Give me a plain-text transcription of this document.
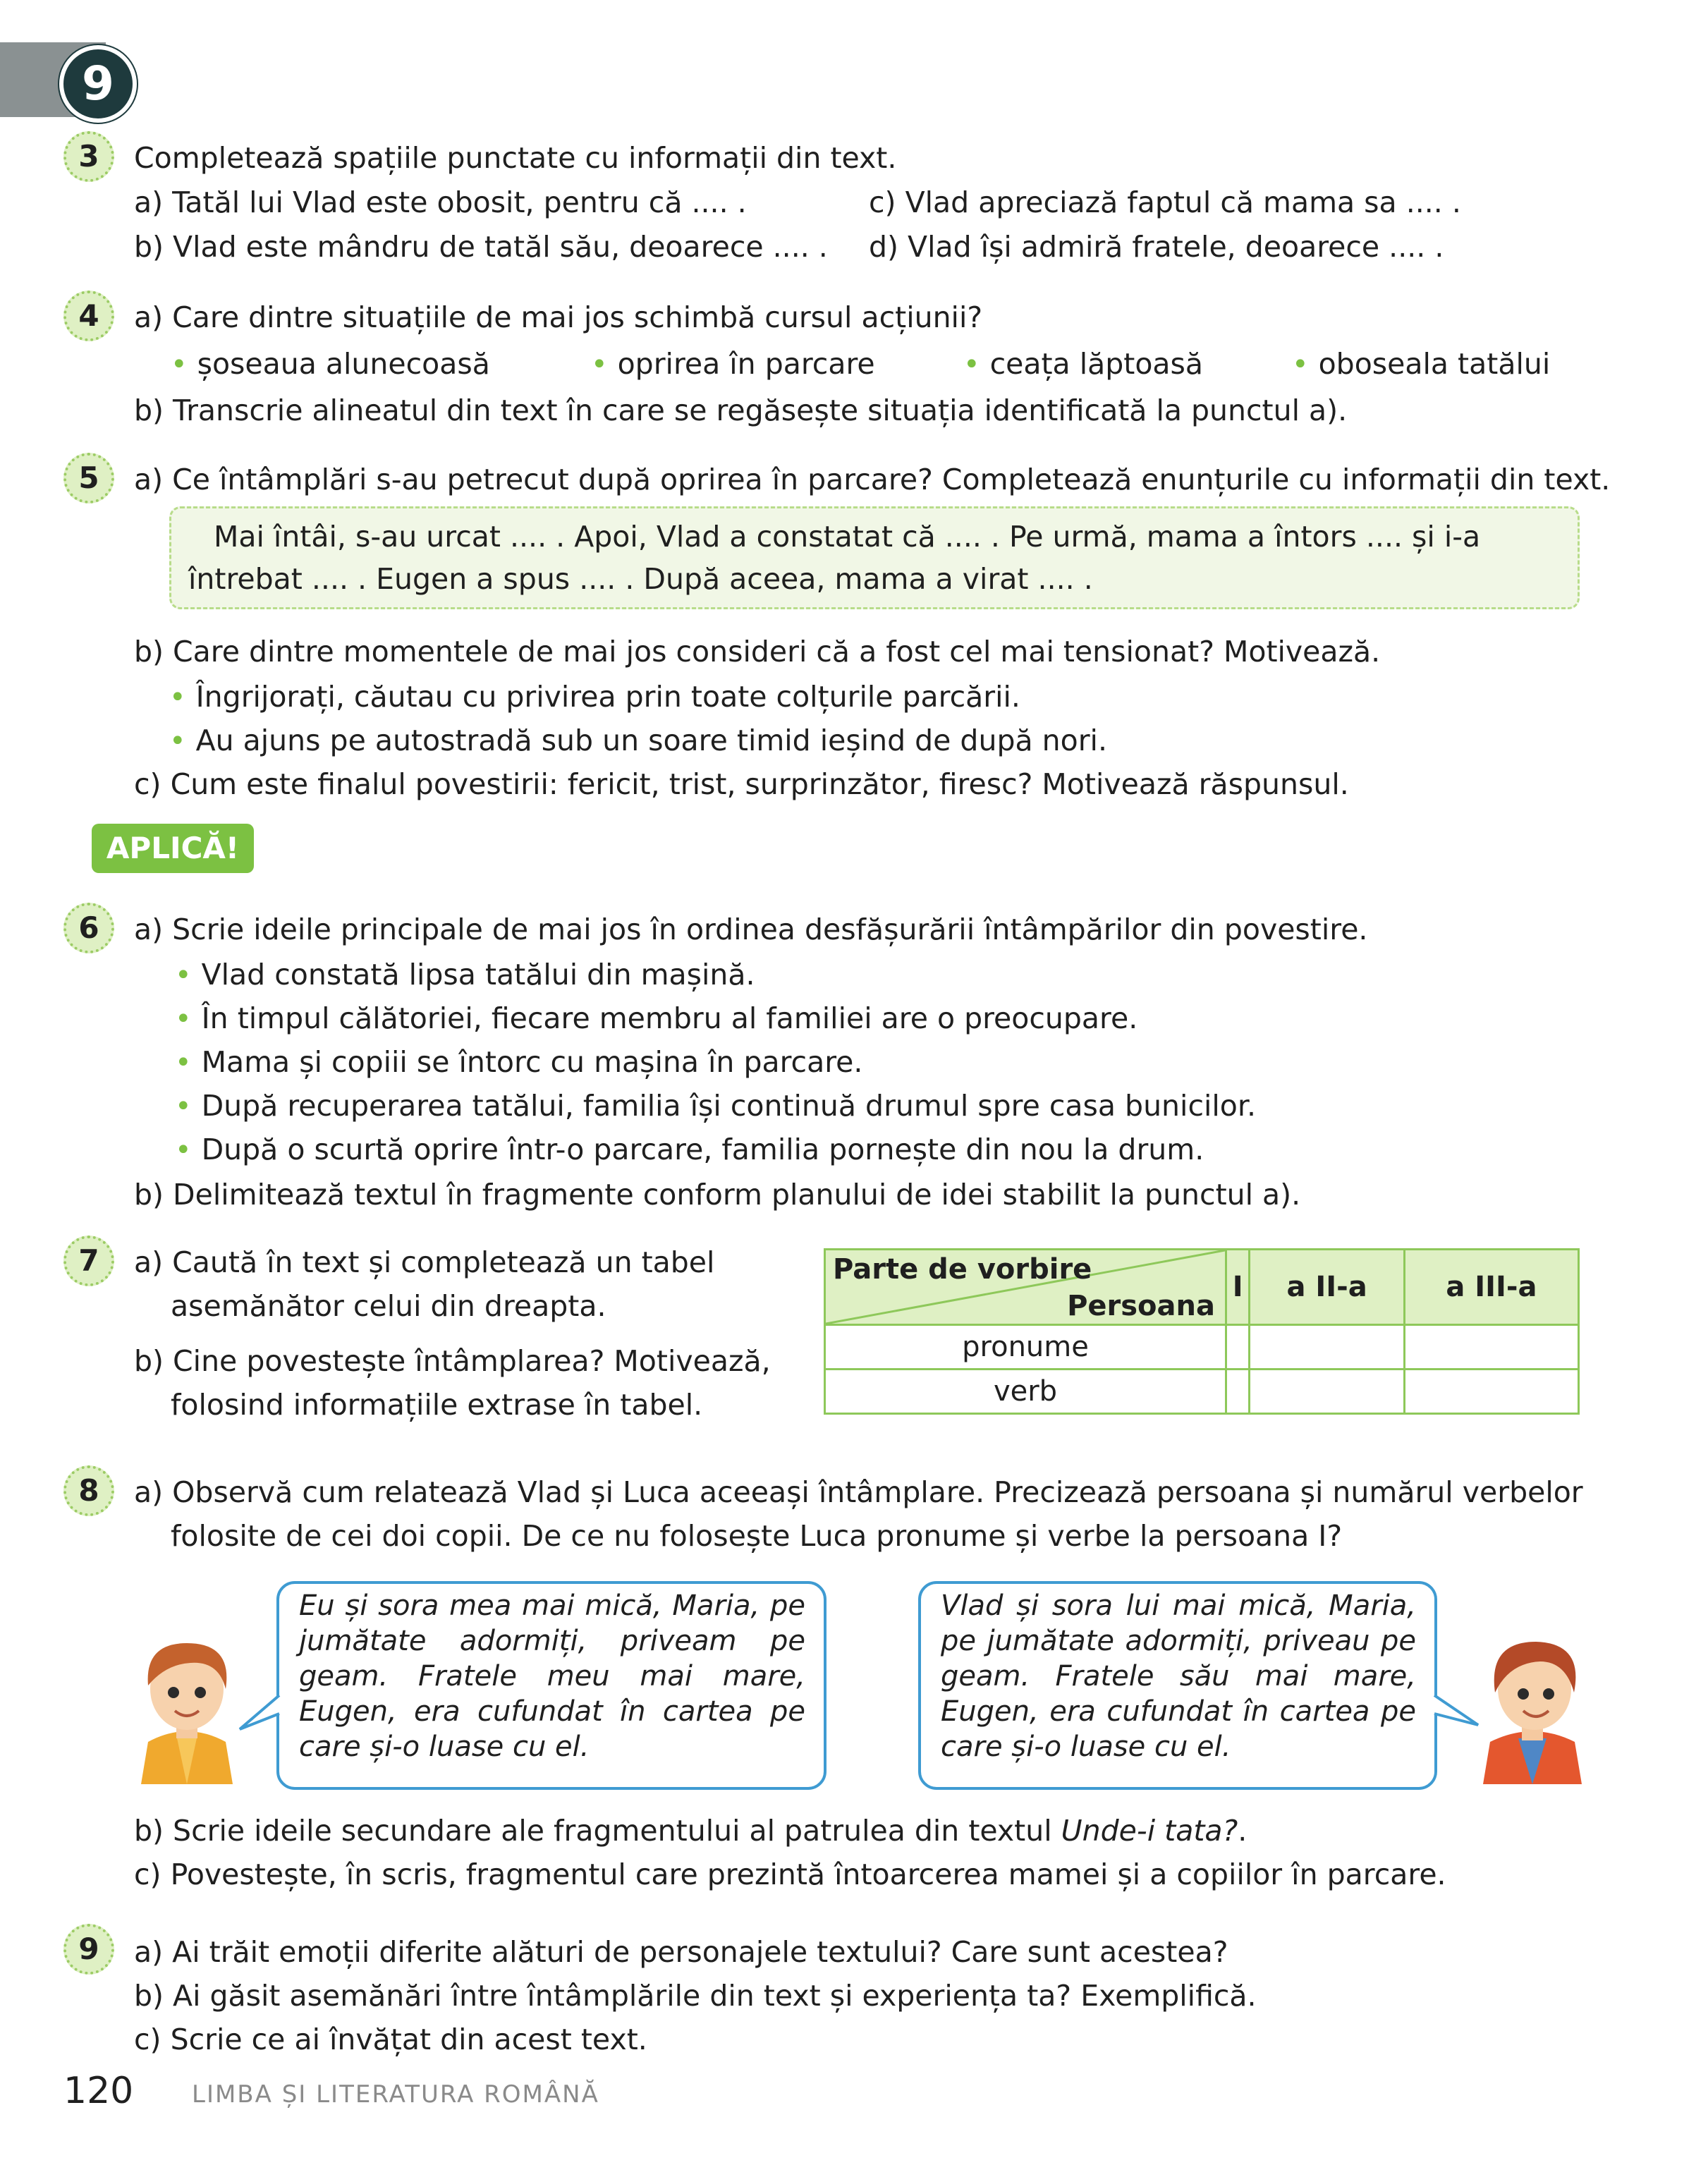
9
3	Completează spațiile punctate cu informații din text.
a) Tatăl lui Vlad este obosit, pentru că .... .	c) Vlad apreciază faptul că mama sa .... .
b) Vlad este mândru de tatăl său, deoarece .... . d) Vlad își admiră fratele, deoarece .... .
4	a) Care dintre situațiile de mai jos schimbă cursul acțiunii?
• șoseaua alunecoasă	• oprirea în parcare	• ceața lăptoasă	• oboseala tatălui
b) Transcrie alineatul din text în care se regăsește situația identificată la punctul a).
5	a) Ce întâmplări s-au petrecut după oprirea în parcare? Completează enunțurile cu informații din text.
Mai întâi, s-au urcat .... . Apoi, Vlad a constatat că .... . Pe urmă, mama a întors .... și i-a
întrebat .... . Eugen a spus .... . După aceea, mama a virat .... .
b) Care dintre momentele de mai jos consideri că a fost cel mai tensionat? Motivează.
• Îngrijorați, căutau cu privirea prin toate colțurile parcării.
• Au ajuns pe autostradă sub un soare timid ieșind de după nori.
c) Cum este finalul povestirii: fericit, trist, surprinzător, firesc? Motivează răspunsul.
APLICĂ!
6	a) Scrie ideile principale de mai jos în ordinea desfășurării întâmpărilor din povestire.
• Vlad constată lipsa tatălui din mașină.
• În timpul călătoriei, fiecare membru al familiei are o preocupare.
• Mama și copiii se întorc cu mașina în parcare.
• După recuperarea tatălui, familia își continuă drumul spre casa bunicilor.
• După o scurtă oprire într-o parcare, familia pornește din nou la drum.
b) Delimitează textul în fragmente conform planului de idei stabilit la punctul a).
7	a) Caută în text și completează un tabel
asemănător celui din dreapta.
b) Cine povestește întâmplarea? Motivează,
folosind informațiile extrase în tabel.
Parte de vorbire
Persoana	I	a II-a	a III-a
pronume			
verb			
8	a) Observă cum relatează Vlad și Luca aceeași întâmplare. Precizează persoana și numărul verbelor
folosite de cei doi copii. De ce nu folosește Luca pronume și verbe la persoana I?
Eu și sora mea mai mică, Maria, pe jumătate adormiți, priveam pe geam. Fratele meu mai mare, Eugen, era cufundat în cartea pe care și-o luase cu el.
Vlad și sora lui mai mică, Maria, pe jumătate adormiți, priveau pe geam. Fratele său mai mare, Eugen, era cufundat în cartea pe care și-o luase cu el.
b) Scrie ideile secundare ale fragmentului al patrulea din textul Unde-i tata?.
c) Povestește, în scris, fragmentul care prezintă întoarcerea mamei și a copiilor în parcare.
9	a) Ai trăit emoții diferite alături de personajele textului? Care sunt acestea?
b) Ai găsit asemănări între întâmplările din text și experiența ta? Exemplifică.
c) Scrie ce ai învățat din acest text.
120 LIMBA ȘI LITERATURA ROMÂNĂ
